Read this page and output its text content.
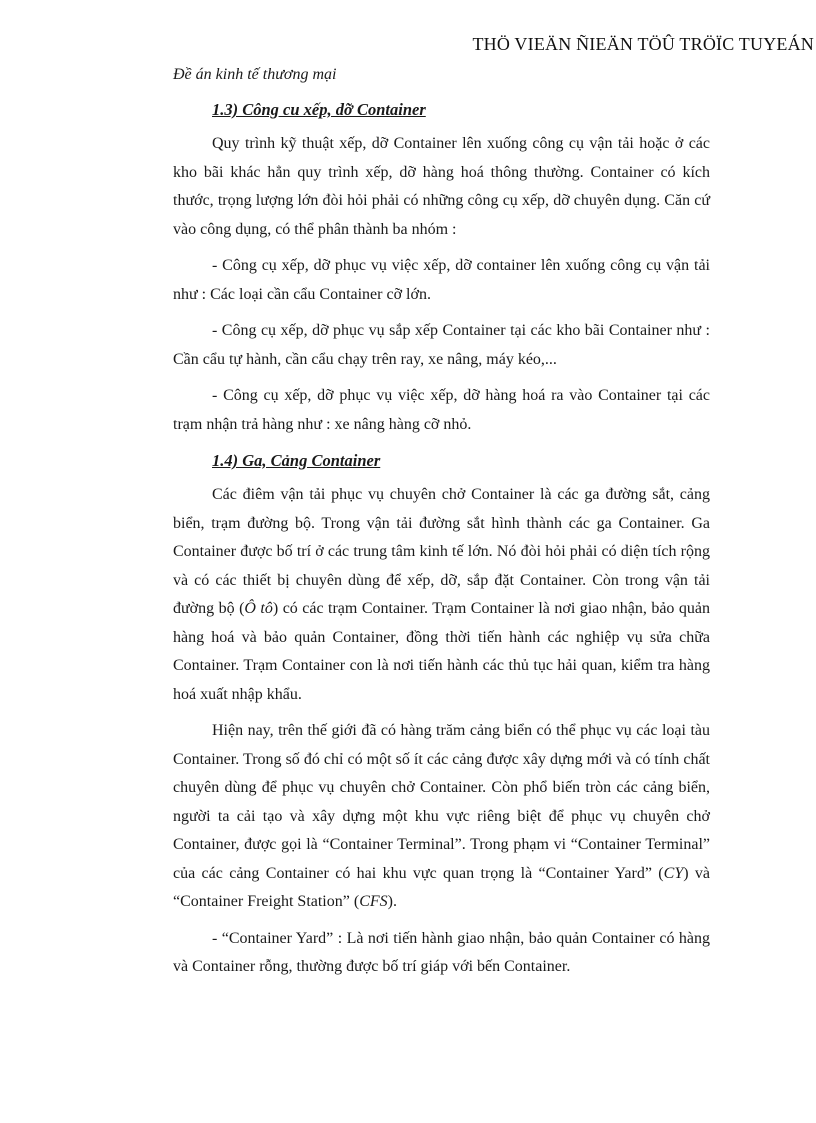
THÖ VIEÄN ÑIEÄN TÖÛ TRÖÏC TUYEÁN
Đề án kinh tế thương mại

1.3) Công cu xếp, dỡ Container

Quy trình kỹ thuật xếp, dỡ Container lên xuống công cụ vận tải hoặc ở các kho bãi khác hẳn quy trình xếp, dỡ hàng hoá thông thường. Container có kích thước, trọng lượng lớn đòi hỏi phải có những công cụ xếp, dỡ chuyên dụng. Căn cứ vào công dụng, có thể phân thành ba nhóm :

- Công cụ xếp, dỡ phục vụ việc xếp, dỡ container lên xuống công cụ vận tải như : Các loại cần cẩu Container cỡ lớn.

- Công cụ xếp, dỡ phục vụ sắp xếp Container tại các kho bãi Container như : Cần cẩu tự hành, cần cẩu chạy trên ray, xe nâng, máy kéo,...

- Công cụ xếp, dỡ phục vụ việc xếp, dỡ hàng hoá ra vào Container tại các trạm nhận trả hàng như : xe nâng hàng cỡ nhỏ.

1.4) Ga, Cảng Container

Các điêm vận tải phục vụ chuyên chở Container là các ga đường sắt, cảng biển, trạm đường bộ. Trong vận tải đường sắt hình thành các ga Container. Ga Container được bố trí ở các trung tâm kinh tế lớn. Nó đòi hỏi phải có diện tích rộng và có các thiết bị chuyên dùng để xếp, dỡ, sắp đặt Container. Còn trong vận tải đường bộ (Ô tô) có các trạm Container. Trạm Container là nơi giao nhận, bảo quản hàng hoá và bảo quản Container, đồng thời tiến hành các nghiệp vụ sửa chữa Container. Trạm Container con là nơi tiến hành các thủ tục hải quan, kiểm tra hàng hoá xuất nhập khẩu.

Hiện nay, trên thế giới đã có hàng trăm cảng biển có thể phục vụ các loại tàu Container. Trong số đó chỉ có một số ít các cảng được xây dựng mới và có tính chất chuyên dùng để phục vụ chuyên chở Container. Còn phổ biến tròn các cảng biển, người ta cải tạo và xây dựng một khu vực riêng biệt để phục vụ chuyên chở Container, được gọi là “Container Terminal”. Trong phạm vi “Container Terminal” của các cảng Container có hai khu vực quan trọng là “Container Yard” (CY) và “Container Freight Station” (CFS).

- “Container Yard” : Là nơi tiến hành giao nhận, bảo quản Container có hàng và Container rỗng, thường được bố trí giáp với bến Container.
